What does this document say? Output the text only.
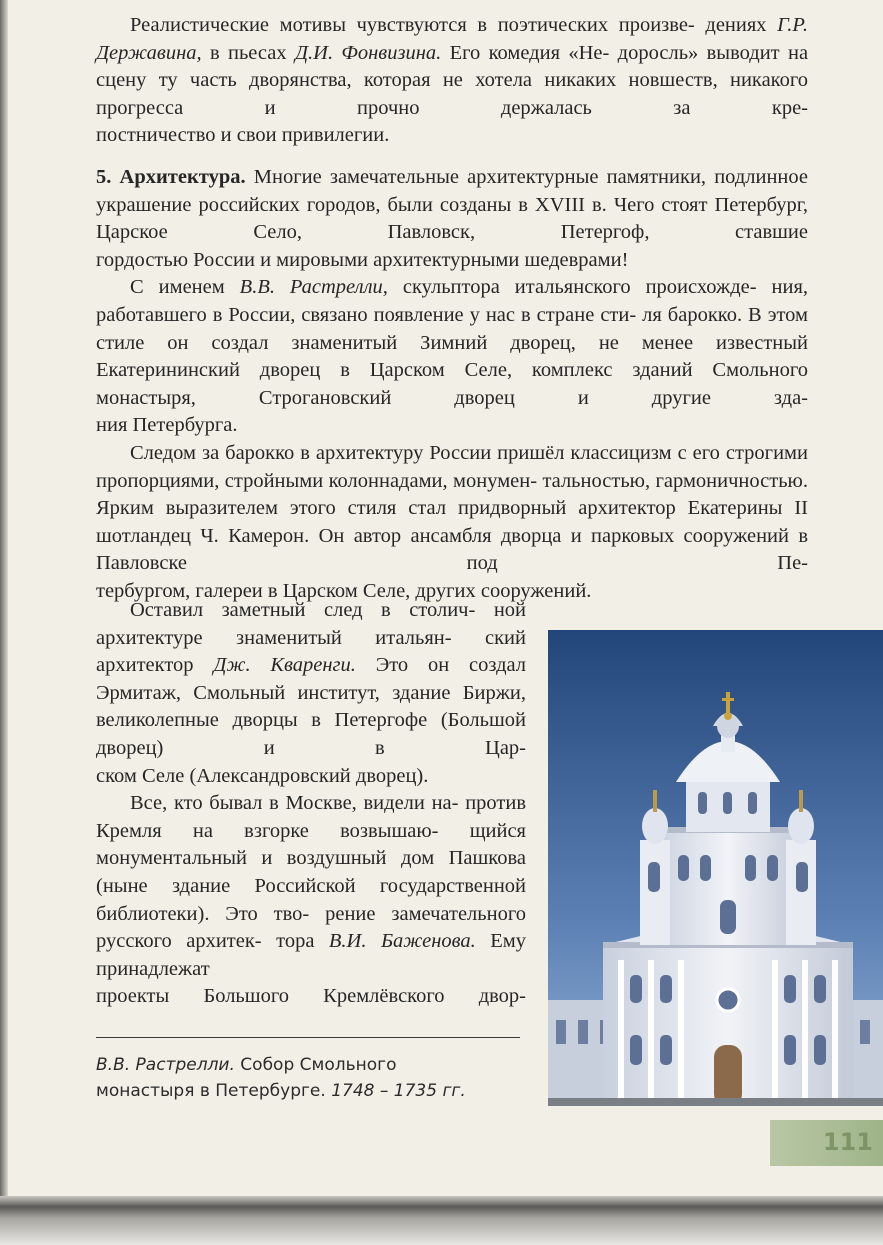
Реалистические мотивы чувствуются в поэтических произве- дениях Г.Р. Державина, в пьесах Д.И. Фонвизина. Его комедия «Не- доросль» выводит на сцену ту часть дворянства, которая не хотела никаких новшеств, никакого прогресса и прочно держалась за кре-

постничество и свои привилегии.

5. Архитектура. Многие замечательные архитектурные памятники, подлинное украшение российских городов, были созданы в XVIII в. Чего стоят Петербург, Царское Село, Павловск, Петергоф, ставшие

гордостью России и мировыми архитектурными шедеврами!

С именем В.В. Растрелли, скульптора итальянского происхожде- ния, работавшего в России, связано появление у нас в стране сти- ля барокко. В этом стиле он создал знаменитый Зимний дворец, не менее известный Екатерининский дворец в Царском Селе, комплекс зданий Смольного монастыря, Строгановский дворец и другие зда-

ния Петербурга.

Следом за барокко в архитектуру России пришёл классицизм с его строгими пропорциями, стройными колоннадами, монумен- тальностью, гармоничностью. Ярким выразителем этого стиля стал придворный архитектор Екатерины II шотландец Ч. Камерон. Он автор ансамбля дворца и парковых сооружений в Павловске под Пе-

тербургом, галереи в Царском Селе, других сооружений.

Оставил заметный след в столич- ной архитектуре знаменитый итальян- ский архитектор Дж. Кваренги. Это он создал Эрмитаж, Смольный институт, здание Биржи, великолепные дворцы в Петергофе (Большой дворец) и в Цар-

ском Селе (Александровский дворец).

Все, кто бывал в Москве, видели на- против Кремля на взгорке возвышаю- щийся монументальный и воздушный дом Пашкова (ныне здание Российской государственной библиотеки). Это тво- рение замечательного русского архитек- тора В.И. Баженова. Ему принадлежат

проекты Большого Кремлёвского двор-

В.В. Растрелли. Собор Смольного
монастыря в Петербурге. 1748 – 1735 гг.
111
